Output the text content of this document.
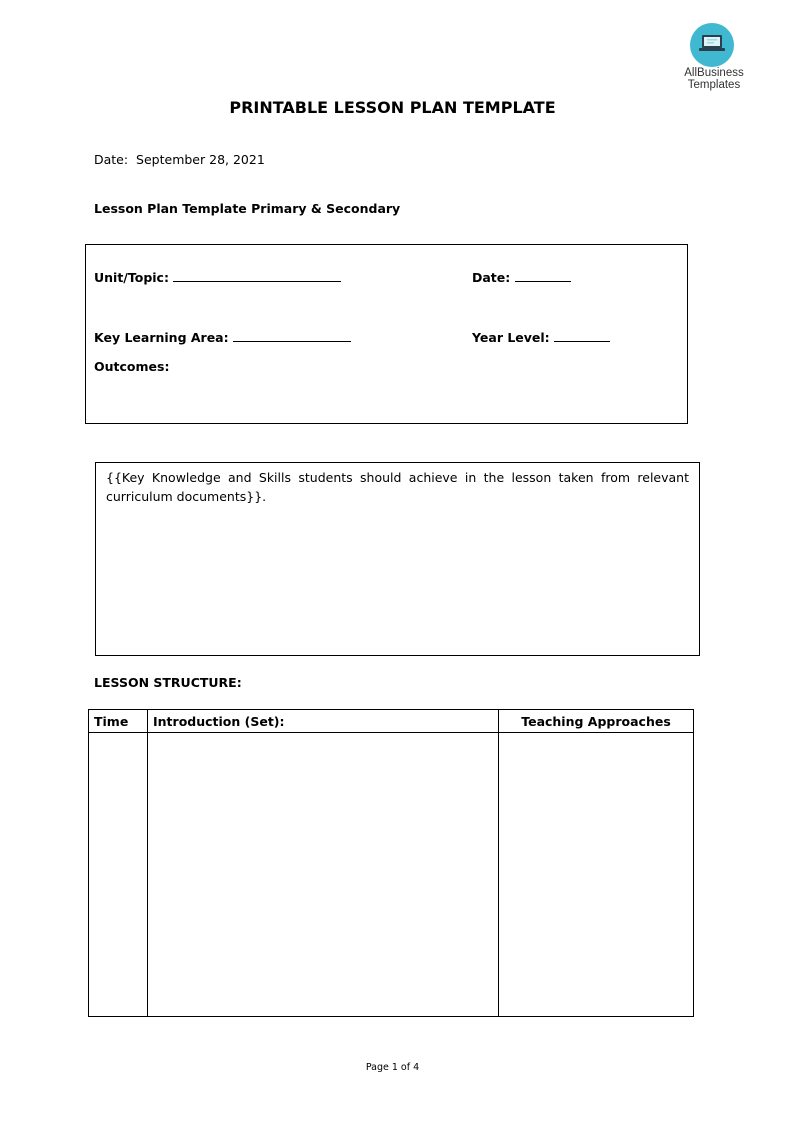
AllBusiness
Templates
PRINTABLE LESSON PLAN TEMPLATE
Date: September 28, 2021
Lesson Plan Template Primary & Secondary
Unit/Topic:	Date:
Key Learning Area:	Year Level:
Outcomes:
{{Key Knowledge and Skills students should achieve in the lesson taken from relevant curriculum documents}}.
LESSON STRUCTURE:
Time	Introduction (Set):	Teaching Approaches

Page 1 of 4
